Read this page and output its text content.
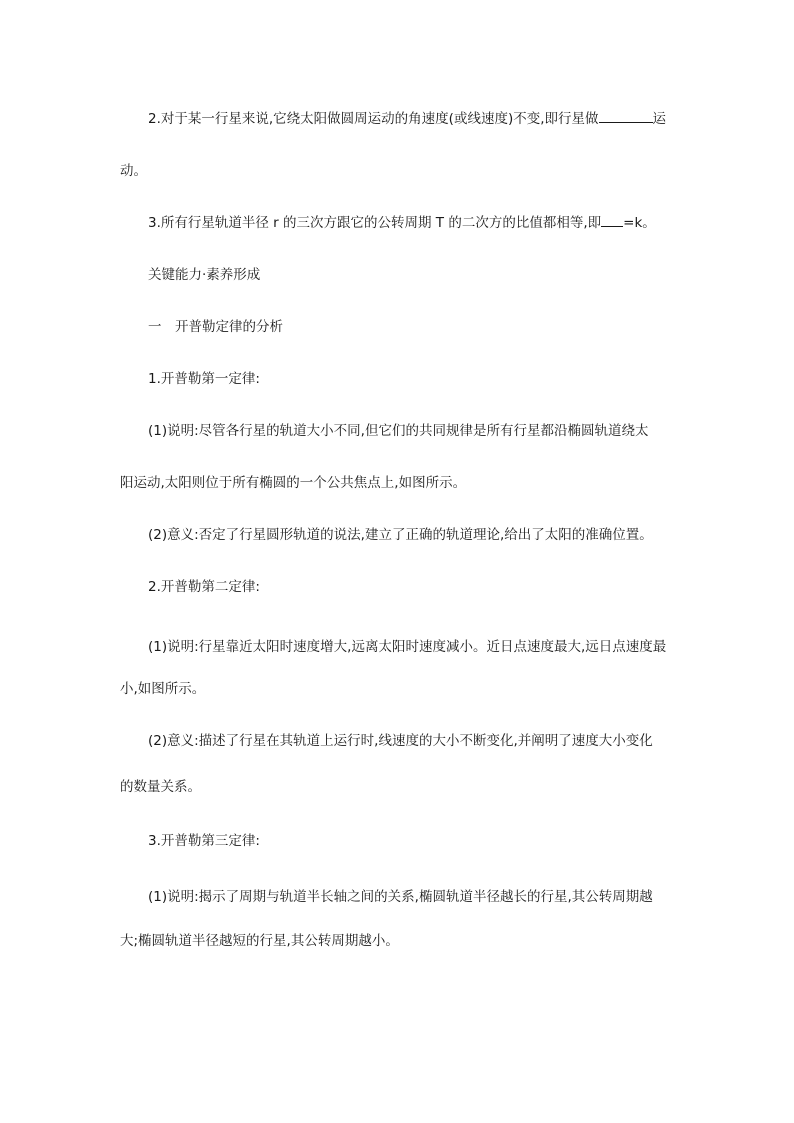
2.对于某一行星来说,它绕太阳做圆周运动的角速度(或线速度)不变,即行星做	运

动。

3.所有行星轨道半径 r 的三次方跟它的公转周期 T 的二次方的比值都相等,即 =k。

关键能力·素养形成

一　开普勒定律的分析

1.开普勒第一定律:

(1)说明:尽管各行星的轨道大小不同,但它们的共同规律是所有行星都沿椭圆轨道绕太

阳运动,太阳则位于所有椭圆的一个公共焦点上,如图所示。

(2)意义:否定了行星圆形轨道的说法,建立了正确的轨道理论,给出了太阳的准确位置。

2.开普勒第二定律:

(1)说明:行星靠近太阳时速度增大,远离太阳时速度减小。近日点速度最大,远日点速度最

小,如图所示。

(2)意义:描述了行星在其轨道上运行时,线速度的大小不断变化,并阐明了速度大小变化

的数量关系。

3.开普勒第三定律:

(1)说明:揭示了周期与轨道半长轴之间的关系,椭圆轨道半径越长的行星,其公转周期越

大;椭圆轨道半径越短的行星,其公转周期越小。
